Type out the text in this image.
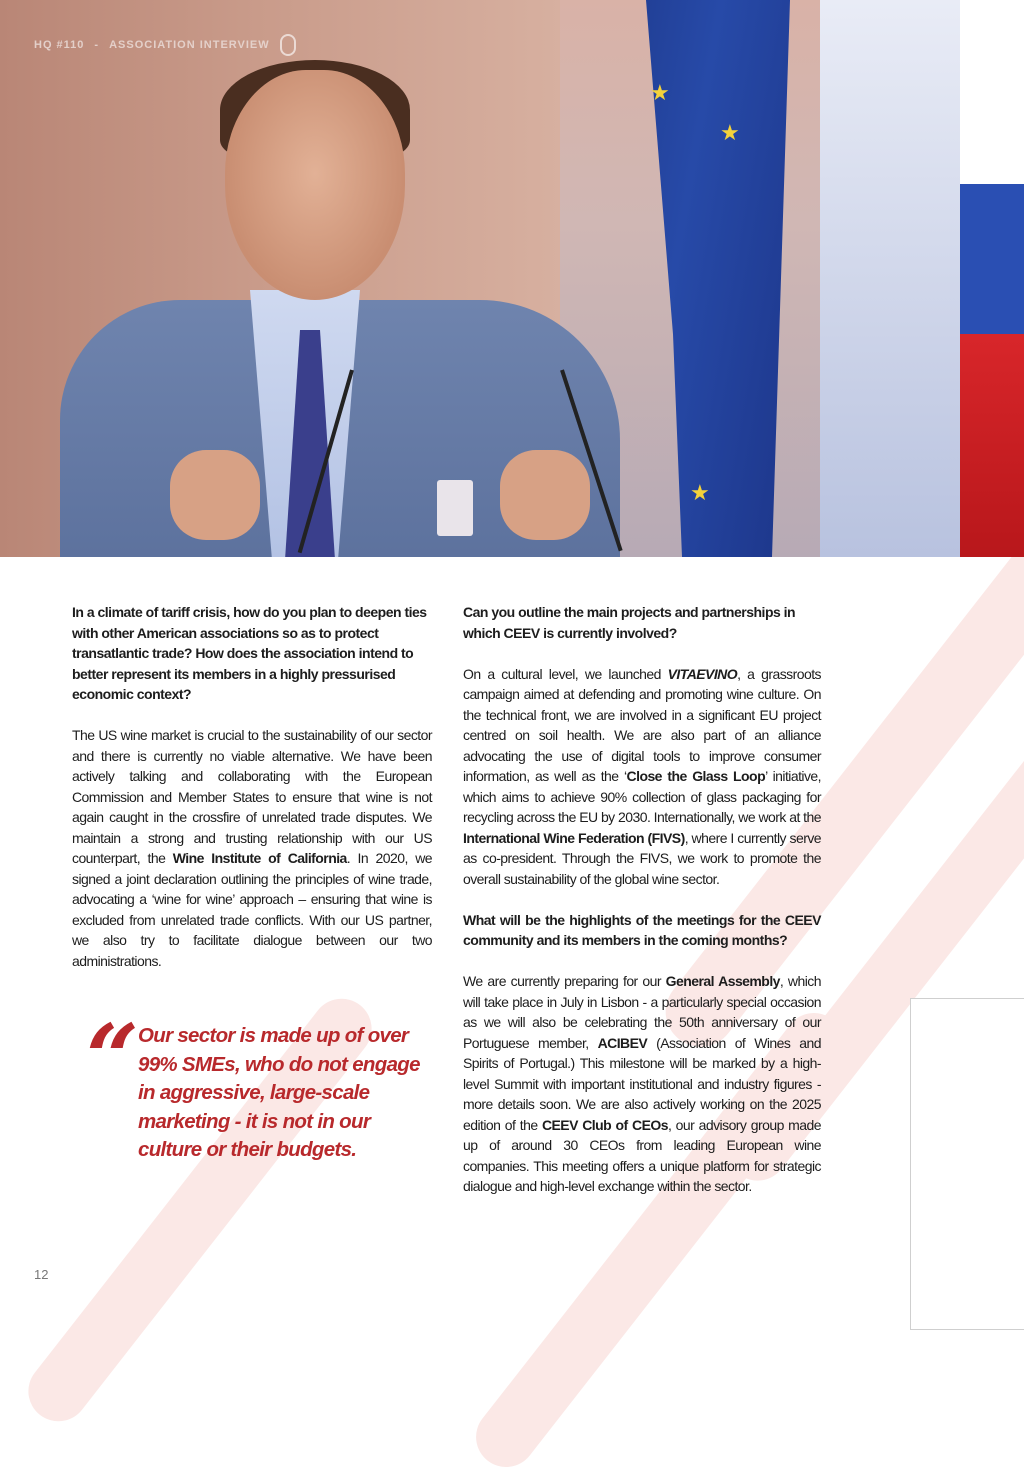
★
★
★
HQ #110 - ASSOCIATION INTERVIEW

In a climate of tariff crisis, how do you plan to deepen ties with other American associations so as to protect transatlantic trade? How does the association intend to better represent its members in a highly pressurised economic context?

The US wine market is crucial to the sustainability of our sector and there is currently no viable alternative. We have been actively talking and collaborating with the European Commission and Member States to ensure that wine is not again caught in the crossfire of unrelated trade disputes. We maintain a strong and trusting relationship with our US counterpart, the Wine Institute of California. In 2020, we signed a joint declaration outlining the principles of wine trade, advocating a ‘wine for wine’ approach – ensuring that wine is excluded from unrelated trade conflicts. With our US partner, we also try to facilitate dialogue between our two administrations.

“ Our sector is made up of over 99% SMEs, who do not engage in aggressive, large-scale marketing - it is not in our culture or their budgets.

Can you outline the main projects and partnerships in which CEEV is currently involved?

On a cultural level, we launched VITAEVINO, a grassroots campaign aimed at defending and promoting wine culture. On the technical front, we are involved in a significant EU project centred on soil health. We are also part of an alliance advocating the use of digital tools to improve consumer information, as well as the ‘Close the Glass Loop’ initiative, which aims to achieve 90% collection of glass packaging for recycling across the EU by 2030. Internationally, we work at the International Wine Federation (FIVS), where I currently serve as co-president. Through the FIVS, we work to promote the overall sustainability of the global wine sector.

What will be the highlights of the meetings for the CEEV community and its members in the coming months?

We are currently preparing for our General Assembly, which will take place in July in Lisbon - a particularly special occasion as we will also be celebrating the 50th anniversary of our Portuguese member, ACIBEV (Association of Wines and Spirits of Portugal.) This milestone will be marked by a high-level Summit with important institutional and industry figures - more details soon. We are also actively working on the 2025 edition of the CEEV Club of CEOs, our advisory group made up of around 30 CEOs from leading European wine companies. This meeting offers a unique platform for strategic dialogue and high-level exchange within the sector.

12
